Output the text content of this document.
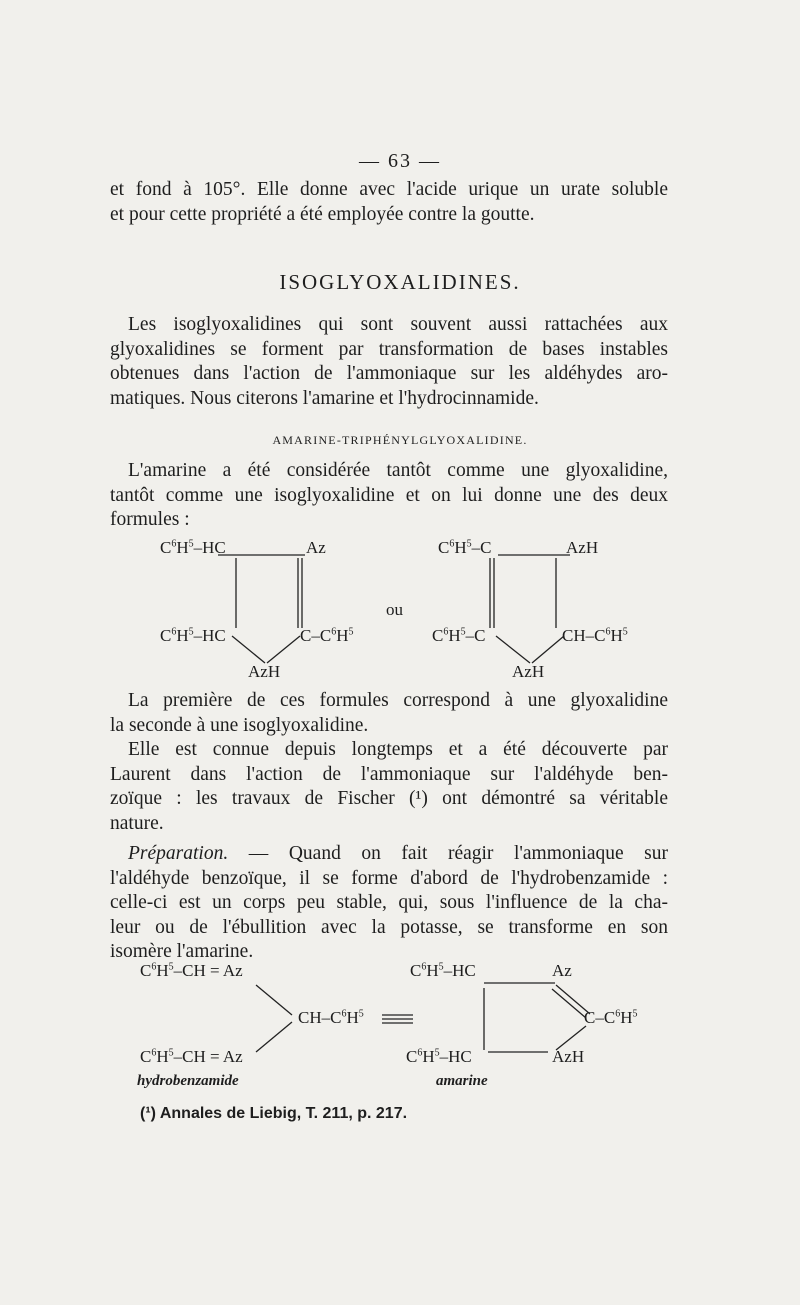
— 63 —
et fond à 105°. Elle donne avec l'acide urique un urate soluble
et pour cette propriété a été employée contre la goutte.
ISOGLYOXALIDINES.
Les isoglyoxalidines qui sont souvent aussi rattachées aux
glyoxalidines se forment par transformation de bases instables
obtenues dans l'action de l'ammoniaque sur les aldéhydes aro-
matiques. Nous citerons l'amarine et l'hydrocinnamide.
AMARINE-TRIPHÉNYLGLYOXALIDINE.
L'amarine a été considérée tantôt comme une glyoxalidine,
tantôt comme une isoglyoxalidine et on lui donne une des deux
formules :
$C^6H^5-HC$	Az
$C^6H^5-HC$	$C-C^6H^5$
AzH
ou
$C^6H^5-C$	AzH
$C^6H^5-C$	$CH-C^6H^5$
AzH
La première de ces formules correspond à une glyoxalidine
la seconde à une isoglyoxalidine.
Elle est connue depuis longtemps et a été découverte par
Laurent dans l'action de l'ammoniaque sur l'aldéhyde ben-
zoïque : les travaux de Fischer (¹) ont démontré sa véritable
nature.
Préparation. — Quand on fait réagir l'ammoniaque sur
l'aldéhyde benzoïque, il se forme d'abord de l'hydrobenzamide :
celle-ci est un corps peu stable, qui, sous l'influence de la cha-
leur ou de l'ébullition avec la potasse, se transforme en son
isomère l'amarine.
$C^6H^5-CH = Az$
$CH-C^6H^5$
$C^6H^5-CH = Az$
hydrobenzamide
$C^6H^5-HC$	Az
$C-C^6H^5$
$C^6H^5-HC$	AzH
amarine
(¹) Annales de Liebig, T. 211, p. 217.
